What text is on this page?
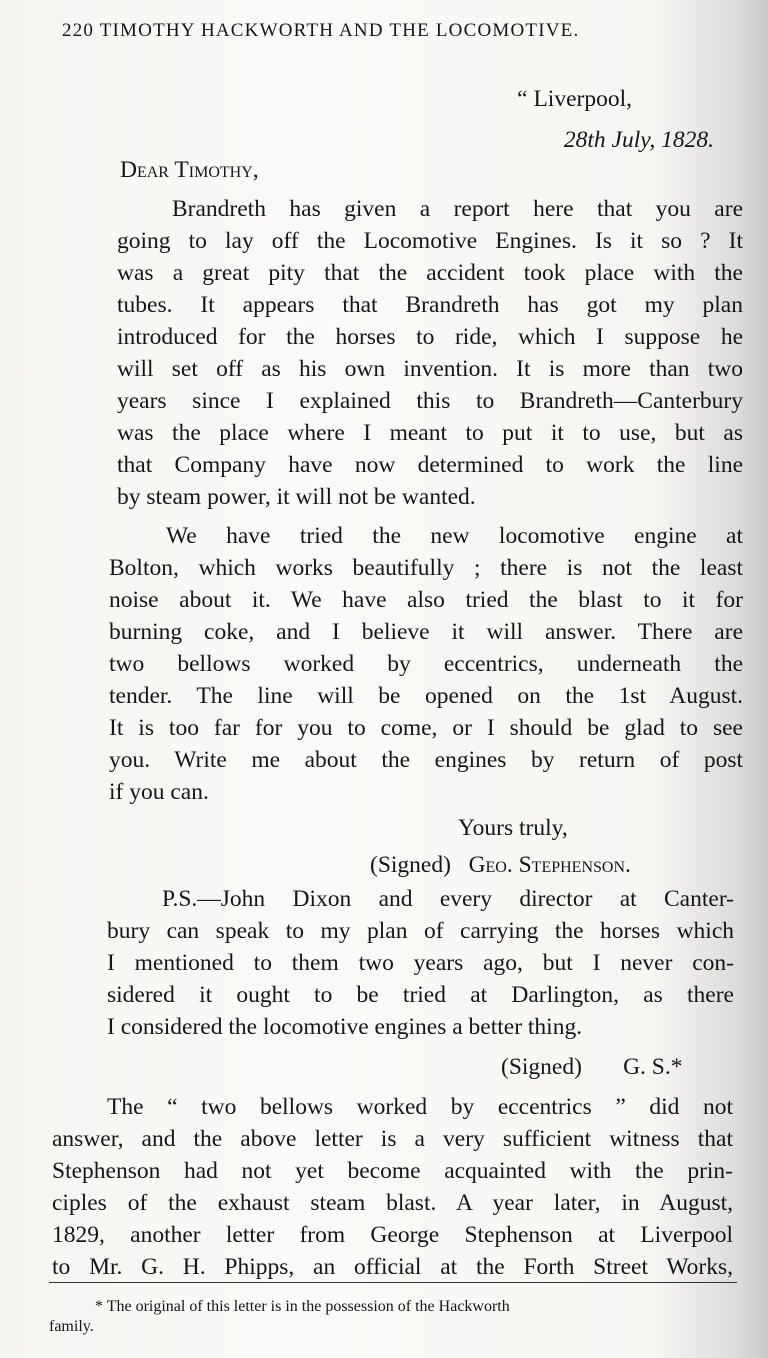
220 TIMOTHY HACKWORTH AND THE LOCOMOTIVE.
“ Liverpool,
28th July, 1828.
Dear Timothy,
Brandreth has given a report here that you are
going to lay off the Locomotive Engines. Is it so ? It
was a great pity that the accident took place with the
tubes. It appears that Brandreth has got my plan
introduced for the horses to ride, which I suppose he
will set off as his own invention. It is more than two
years since I explained this to Brandreth—Canterbury
was the place where I meant to put it to use, but as
that Company have now determined to work the line
by steam power, it will not be wanted.
We have tried the new locomotive engine at
Bolton, which works beautifully ; there is not the least
noise about it. We have also tried the blast to it for
burning coke, and I believe it will answer. There are
two bellows worked by eccentrics, underneath the
tender. The line will be opened on the 1st August.
It is too far for you to come, or I should be glad to see
you. Write me about the engines by return of post
if you can.
Yours truly,
(Signed) Geo. Stephenson.
P.S.—John Dixon and every director at Canter-
bury can speak to my plan of carrying the horses which
I mentioned to them two years ago, but I never con-
sidered it ought to be tried at Darlington, as there
I considered the locomotive engines a better thing.
(Signed) G. S.*
The “ two bellows worked by eccentrics ” did not
answer, and the above letter is a very sufficient witness that
Stephenson had not yet become acquainted with the prin-
ciples of the exhaust steam blast. A year later, in August,
1829, another letter from George Stephenson at Liverpool
to Mr. G. H. Phipps, an official at the Forth Street Works,
* The original of this letter is in the possession of the Hackworth
family.
